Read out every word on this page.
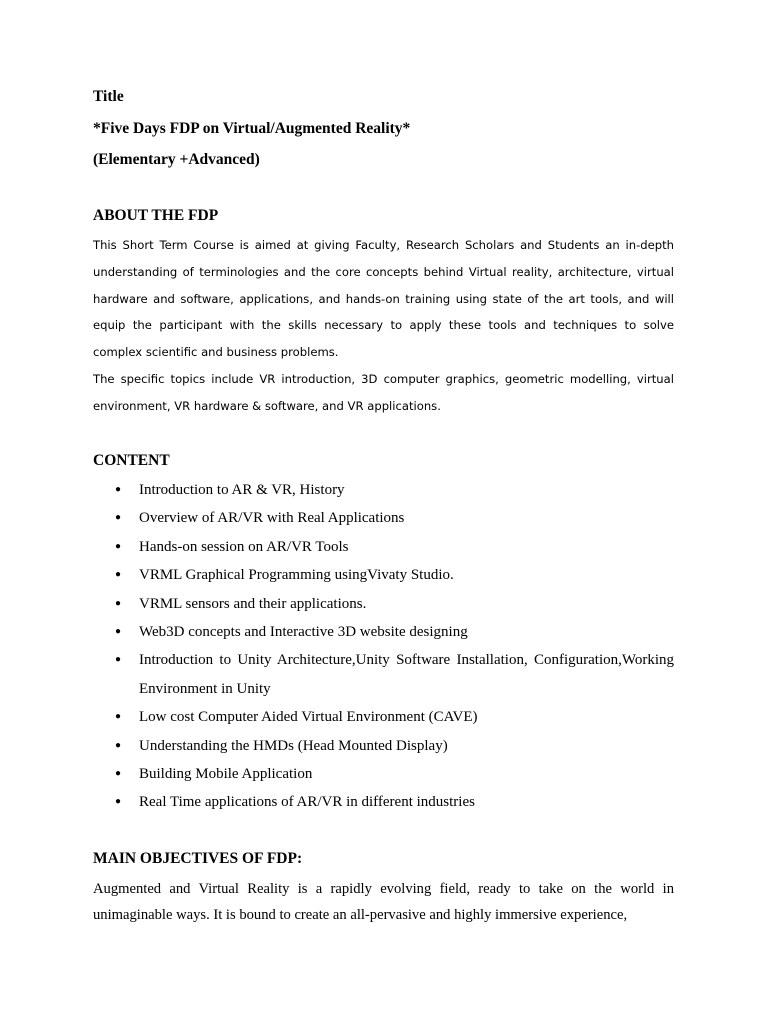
Title
*Five Days FDP on Virtual/Augmented Reality*
(Elementary +Advanced)
ABOUT THE FDP

This Short Term Course is aimed at giving Faculty, Research Scholars and Students an in-depth understanding of terminologies and the core concepts behind Virtual reality, architecture, virtual hardware and software, applications, and hands-on training using state of the art tools, and will equip the participant with the skills necessary to apply these tools and techniques to solve complex scientific and business problems.

The specific topics include VR introduction, 3D computer graphics, geometric modelling, virtual environment, VR hardware & software, and VR applications.

CONTENT
● Introduction to AR & VR, History
● Overview of AR/VR with Real Applications
● Hands-on session on AR/VR Tools
● VRML Graphical Programming usingVivaty Studio.
● VRML sensors and their applications.
● Web3D concepts and Interactive 3D website designing
● Introduction to Unity Architecture,Unity Software Installation, Configuration,Working Environment in Unity
● Low cost Computer Aided Virtual Environment (CAVE)
● Understanding the HMDs (Head Mounted Display)
● Building Mobile Application
● Real Time applications of AR/VR in different industries
MAIN OBJECTIVES OF FDP:

Augmented and Virtual Reality is a rapidly evolving field, ready to take on the world in unimaginable ways. It is bound to create an all-pervasive and highly immersive experience,
